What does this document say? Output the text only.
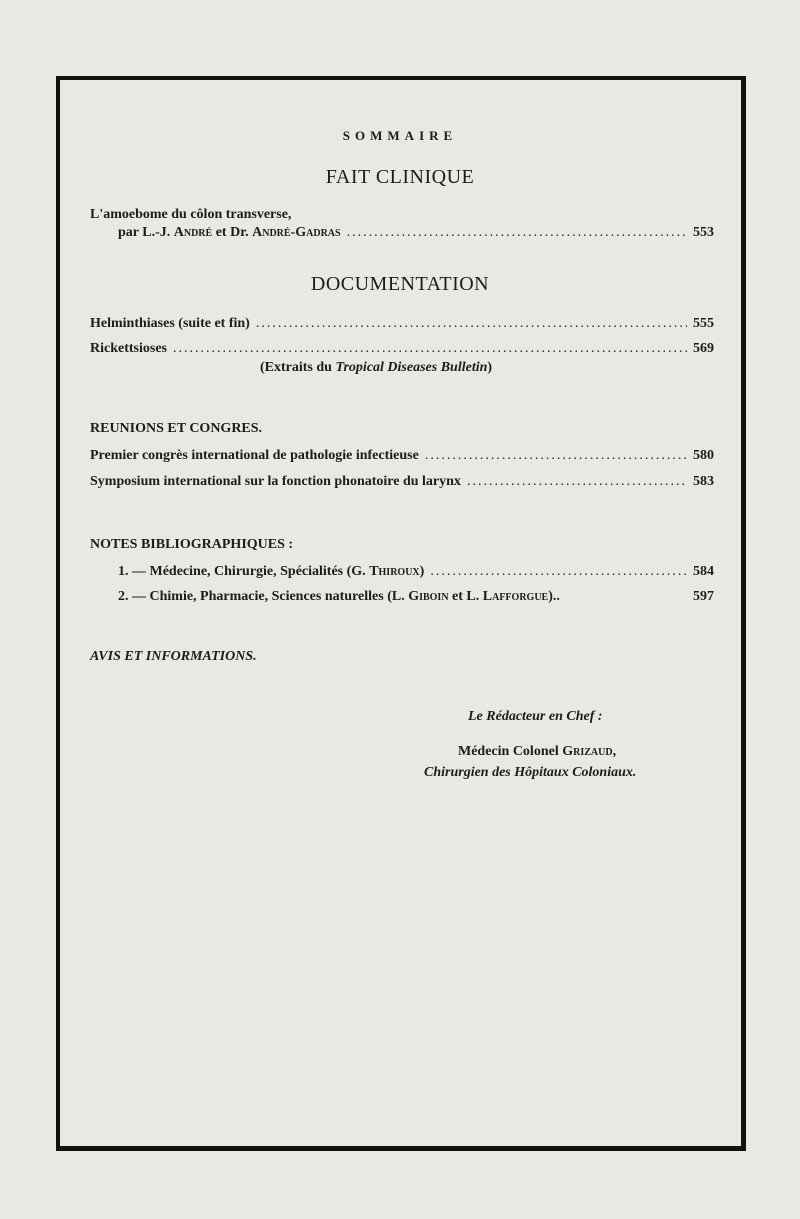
SOMMAIRE
FAIT CLINIQUE
L'amoebome du côlon transverse,
par L.-J. André et Dr. André-Gadras .....	553
DOCUMENTATION
Helminthiases (suite et fin) .....	555
Rickettsioses .....	569
(Extraits du Tropical Diseases Bulletin)
REUNIONS ET CONGRES.
Premier congrès international de pathologie infectieuse .....	580
Symposium international sur la fonction phonatoire du larynx .....	583
NOTES BIBLIOGRAPHIQUES :
1. — Médecine, Chirurgie, Spécialités (G. Thiroux) .....	584
2. — Chimie, Pharmacie, Sciences naturelles (L. Giboin et L. Lafforgue)..	597
AVIS ET INFORMATIONS.
Le Rédacteur en Chef :
Médecin Colonel Grizaud,
Chirurgien des Hôpitaux Coloniaux.
